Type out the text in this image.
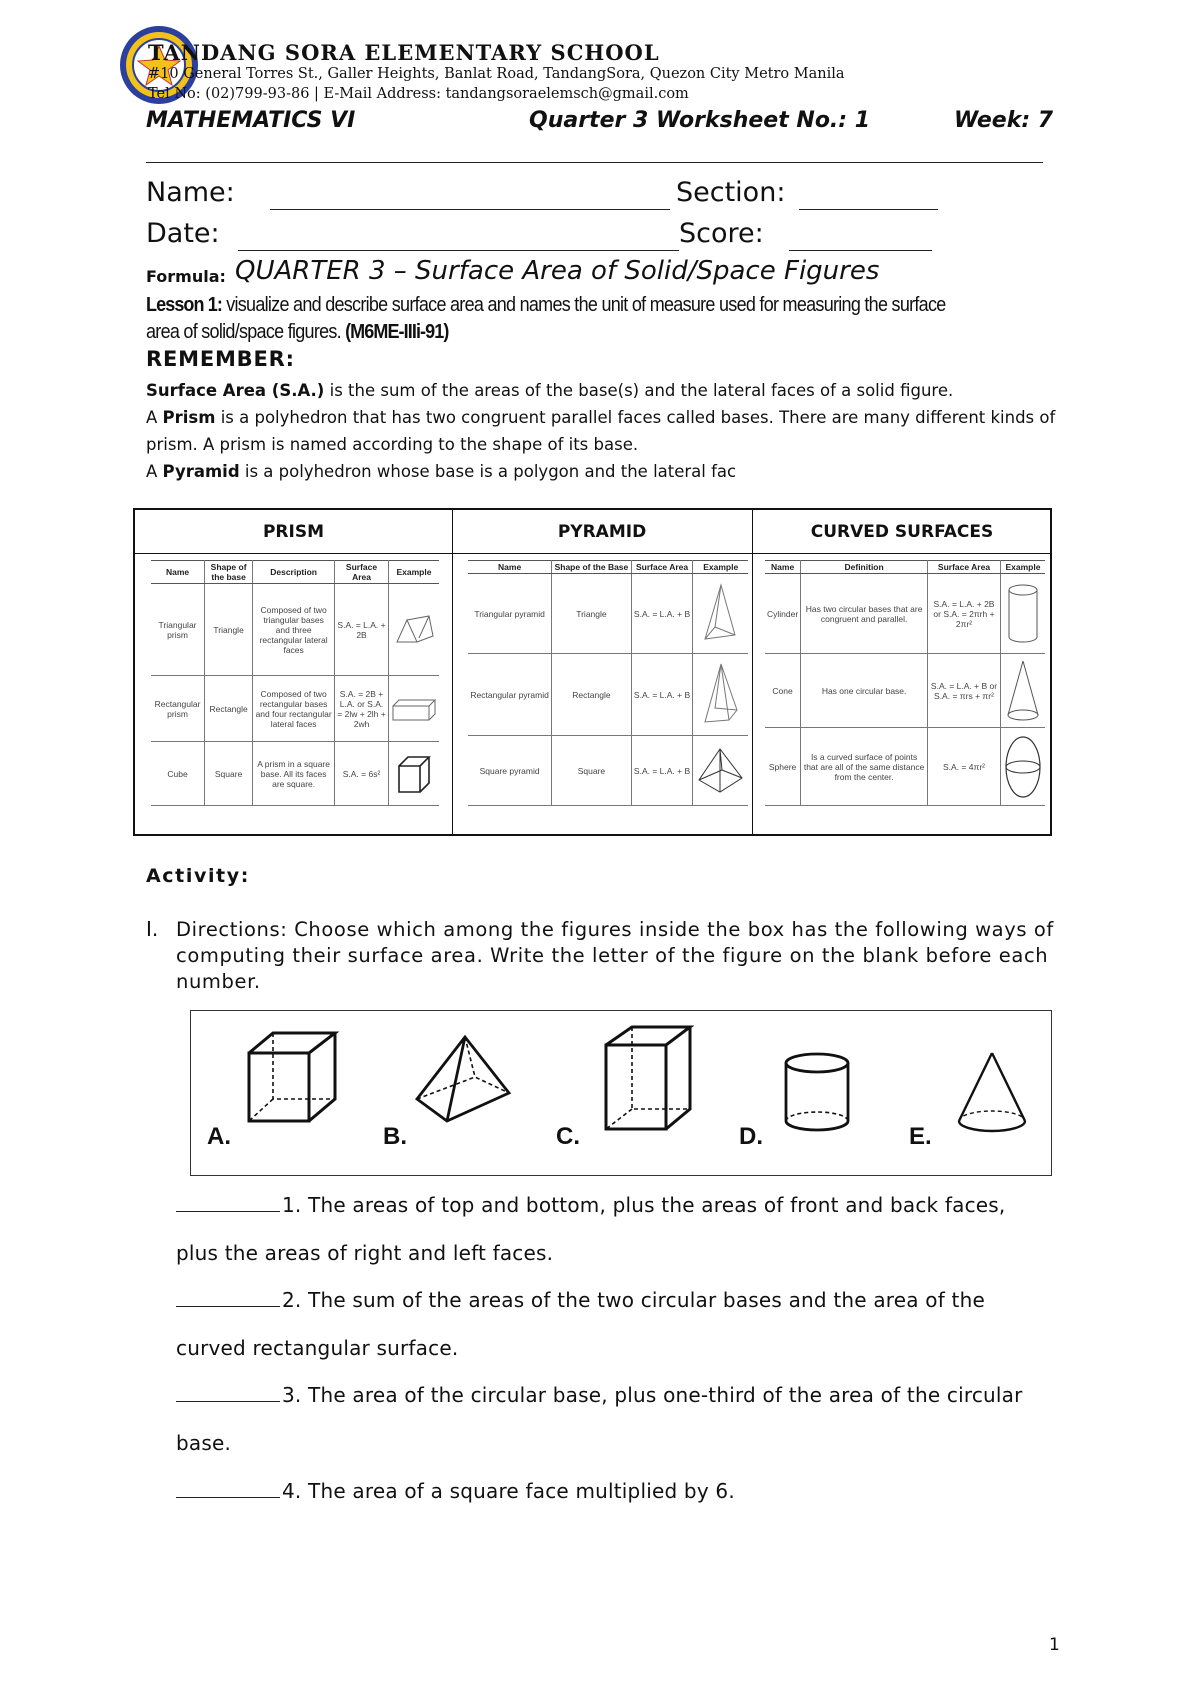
TANDANG SORA ELEMENTARY SCHOOL
#10 General Torres St., Galler Heights, Banlat Road, TandangSora, Quezon City Metro Manila
Tel No: (02)799-93-86 | E-Mail Address: tandangsoraelemsch@gmail.com
MATHEMATICS VI	Quarter 3 Worksheet No.: 1	Week: 7
Name:	Section:
Date:	Score:
Formula: QUARTER 3 – Surface Area of Solid/Space Figures
Lesson 1: visualize and describe surface area and names the unit of measure used for measuring the surface area of solid/space figures. (M6ME-IIIi-91)
REMEMBER:

Surface Area (S.A.) is the sum of the areas of the base(s) and the lateral faces of a solid figure.

A Prism is a polyhedron that has two congruent parallel faces called bases. There are many different kinds of prism. A prism is named according to the shape of its base.

A Pyramid is a polyhedron whose base is a polygon and the lateral fac

PRISM	PYRAMID	CURVED SURFACES
Name	Shape of the base	Description	Surface Area	Example
Triangular prism	Triangle	Composed of two triangular bases and three rectangular lateral faces	S.A. = L.A. + 2B	

Rectangular prism	Rectangle	Composed of two rectangular bases and four rectangular lateral faces	S.A. = 2B + L.A. or S.A. = 2lw + 2lh + 2wh	

Cube	Square	A prism in a square base. All its faces are square.	S.A. = 6s²	
Name	Shape of the Base	Surface Area	Example
Triangular pyramid	Triangle	S.A. = L.A. + B	

Rectangular pyramid	Rectangle	S.A. = L.A. + B	

Square pyramid	Square	S.A. = L.A. + B	
Name	Definition	Surface Area	Example
Cylinder	Has two circular bases that are congruent and parallel.	S.A. = L.A. + 2B or S.A. = 2πrh + 2πr²	

Cone	Has one circular base.	S.A. = L.A. + B or S.A. = πrs + πr²	

Sphere	Is a curved surface of points that are all of the same distance from the center.	S.A. = 4πr²	
Activity:
I. Directions: Choose which among the figures inside the box has the following ways of computing their surface area. Write the letter of the figure on the blank before each number.
A.	B.	C.	D.	E.
1. The areas of top and bottom, plus the areas of front and back faces,
plus the areas of right and left faces.
2. The sum of the areas of the two circular bases and the area of the
curved rectangular surface.
3. The area of the circular base, plus one-third of the area of the circular
base.
4. The area of a square face multiplied by 6.
1
